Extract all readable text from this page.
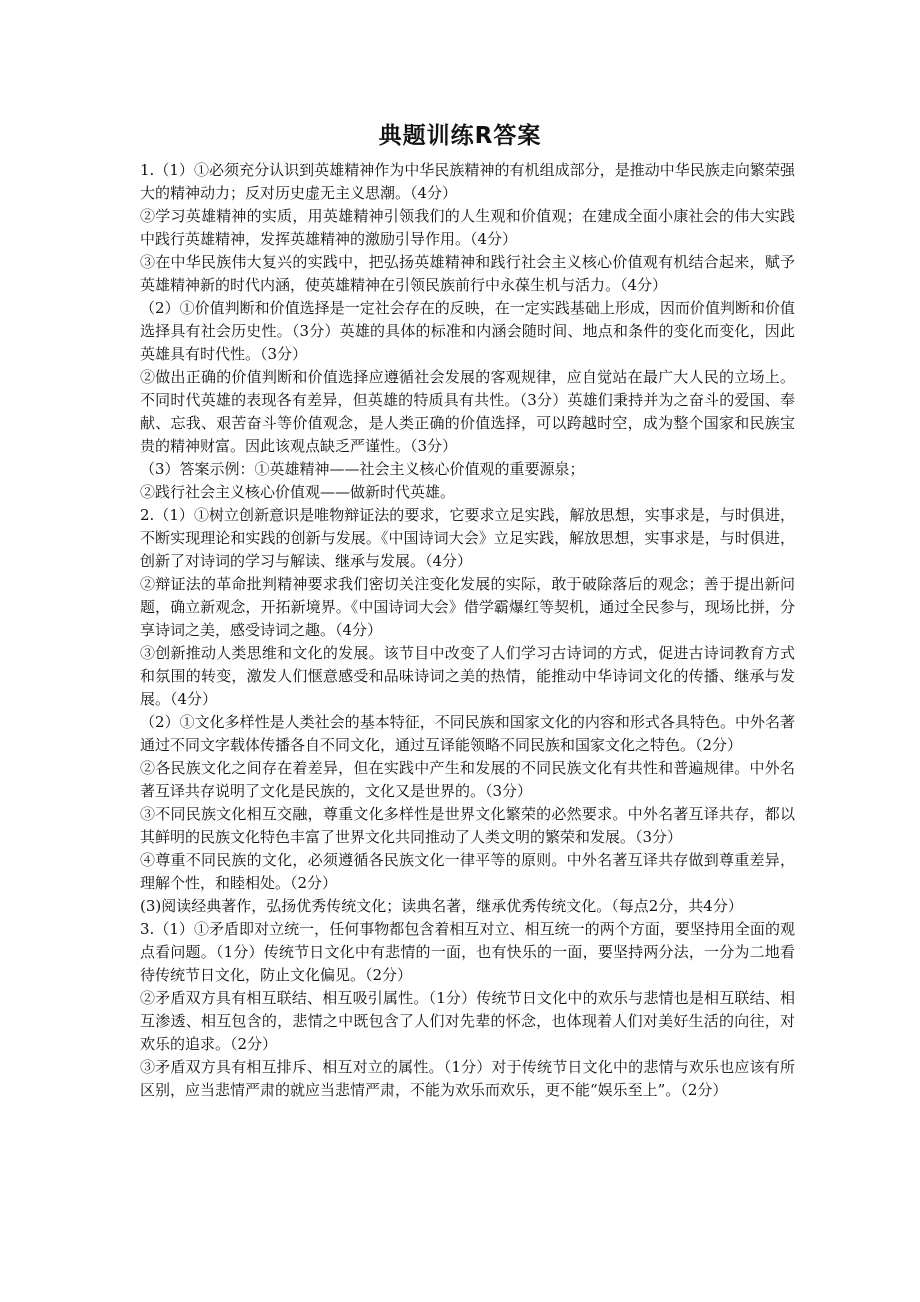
典题训练R答案

1.（1）①必须充分认识到英雄精神作为中华民族精神的有机组成部分，是推动中华民族走向繁荣强大的精神动力；反对历史虚无主义思潮。（4分）

②学习英雄精神的实质，用英雄精神引领我们的人生观和价值观；在建成全面小康社会的伟大实践中践行英雄精神，发挥英雄精神的激励引导作用。（4分）

③在中华民族伟大复兴的实践中，把弘扬英雄精神和践行社会主义核心价值观有机结合起来，赋予英雄精神新的时代内涵，使英雄精神在引领民族前行中永葆生机与活力。（4分）

（2）①价值判断和价值选择是一定社会存在的反映，在一定实践基础上形成，因而价值判断和价值选择具有社会历史性。（3分）英雄的具体的标准和内涵会随时间、地点和条件的变化而变化，因此英雄具有时代性。（3分）

②做出正确的价值判断和价值选择应遵循社会发展的客观规律，应自觉站在最广大人民的立场上。不同时代英雄的表现各有差异，但英雄的特质具有共性。（3分）英雄们秉持并为之奋斗的爱国、奉献、忘我、艰苦奋斗等价值观念，是人类正确的价值选择，可以跨越时空，成为整个国家和民族宝贵的精神财富。因此该观点缺乏严谨性。（3分）

（3）答案示例：①英雄精神——社会主义核心价值观的重要源泉；

②践行社会主义核心价值观——做新时代英雄。

2.（1）①树立创新意识是唯物辩证法的要求，它要求立足实践，解放思想，实事求是，与时俱进，不断实现理论和实践的创新与发展。《中国诗词大会》立足实践，解放思想，实事求是，与时俱进，创新了对诗词的学习与解读、继承与发展。（4分）

②辩证法的革命批判精神要求我们密切关注变化发展的实际，敢于破除落后的观念；善于提出新问题，确立新观念，开拓新境界。《中国诗词大会》借学霸爆红等契机，通过全民参与，现场比拼，分享诗词之美，感受诗词之趣。（4分）

③创新推动人类思维和文化的发展。该节目中改变了人们学习古诗词的方式，促进古诗词教育方式和氛围的转变，激发人们惬意感受和品味诗词之美的热情，能推动中华诗词文化的传播、继承与发展。（4分）

（2）①文化多样性是人类社会的基本特征，不同民族和国家文化的内容和形式各具特色。中外名著通过不同文字载体传播各自不同文化，通过互译能领略不同民族和国家文化之特色。（2分）

②各民族文化之间存在着差异，但在实践中产生和发展的不同民族文化有共性和普遍规律。中外名著互译共存说明了文化是民族的，文化又是世界的。（3分）

③不同民族文化相互交融，尊重文化多样性是世界文化繁荣的必然要求。中外名著互译共存，都以其鲜明的民族文化特色丰富了世界文化共同推动了人类文明的繁荣和发展。（3分）

④尊重不同民族的文化，必须遵循各民族文化一律平等的原则。中外名著互译共存做到尊重差异，理解个性，和睦相处。（2分）

(3)阅读经典著作，弘扬优秀传统文化；读典名著，继承优秀传统文化。（每点2分，共4分）

3.（1）①矛盾即对立统一，任何事物都包含着相互对立、相互统一的两个方面，要坚持用全面的观点看问题。（1分）传统节日文化中有悲情的一面，也有快乐的一面，要坚持两分法，一分为二地看待传统节日文化，防止文化偏见。（2分）

②矛盾双方具有相互联结、相互吸引属性。（1分）传统节日文化中的欢乐与悲情也是相互联结、相互渗透、相互包含的，悲情之中既包含了人们对先辈的怀念，也体现着人们对美好生活的向往，对欢乐的追求。（2分）

③矛盾双方具有相互排斥、相互对立的属性。（1分）对于传统节日文化中的悲情与欢乐也应该有所区别，应当悲情严肃的就应当悲情严肃，不能为欢乐而欢乐，更不能“娱乐至上”。（2分）
